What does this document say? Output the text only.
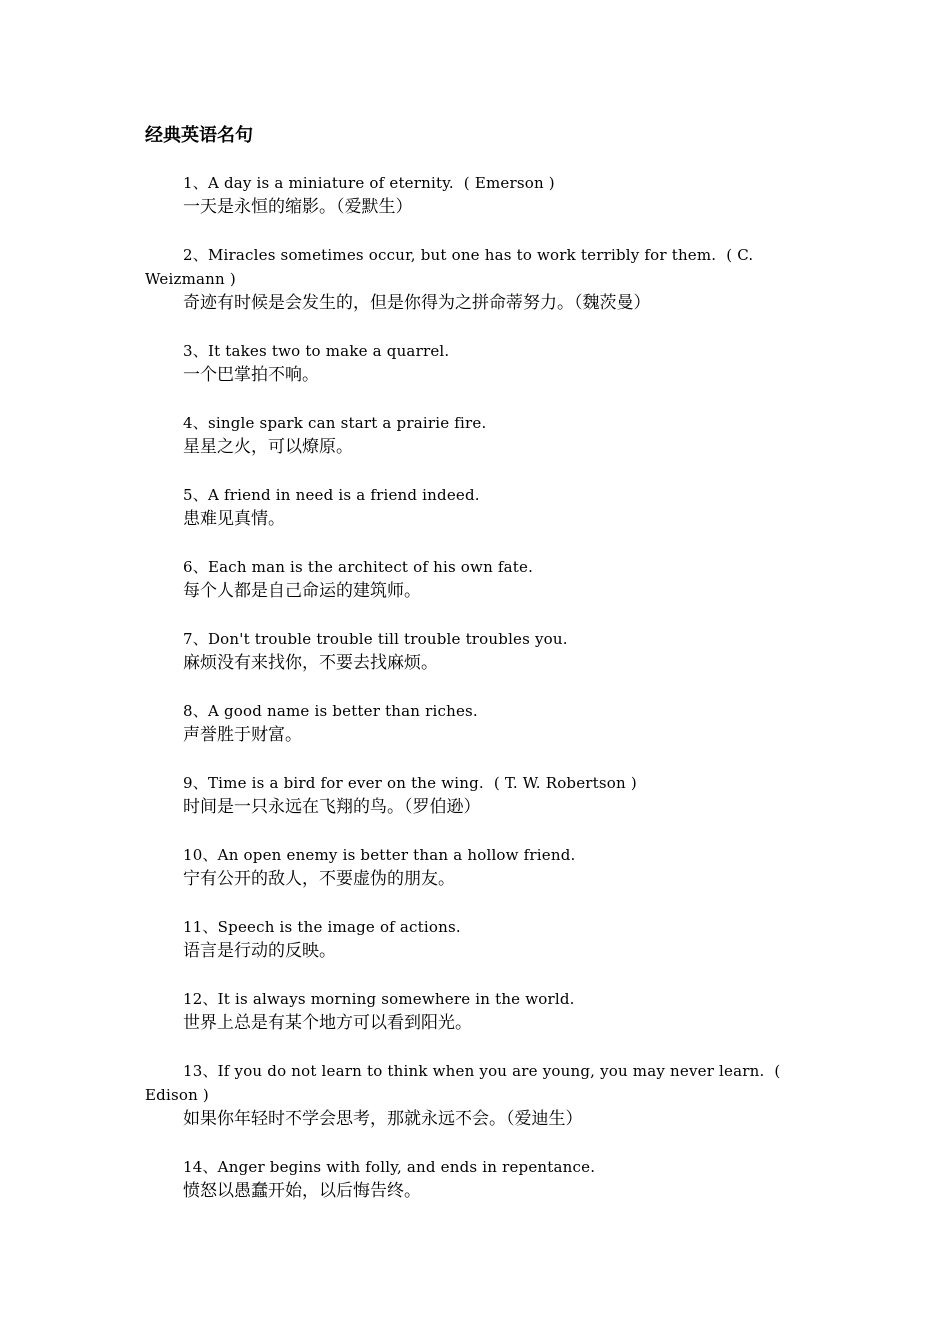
经典英语名句

1、A day is a miniature of eternity.  ( Emerson )

一天是永恒的缩影。（爱默生）

2、Miracles sometimes occur, but one has to work terribly for them.  ( C. Weizmann )

奇迹有时候是会发生的，但是你得为之拼命蒂努力。（魏茨曼）

3、It takes two to make a quarrel.

一个巴掌拍不响。

4、single spark can start a prairie fire.

星星之火，可以燎原。

5、A friend in need is a friend indeed.

患难见真情。

6、Each man is the architect of his own fate.

每个人都是自己命运的建筑师。

7、Don't trouble trouble till trouble troubles you.

麻烦没有来找你，不要去找麻烦。

8、A good name is better than riches.

声誉胜于财富。

9、Time is a bird for ever on the wing.  ( T. W. Robertson )

时间是一只永远在飞翔的鸟。（罗伯逊）

10、An open enemy is better than a hollow friend.

宁有公开的敌人，不要虚伪的朋友。

11、Speech is the image of actions.

语言是行动的反映。

12、It is always morning somewhere in the world.

世界上总是有某个地方可以看到阳光。

13、If you do not learn to think when you are young, you may never learn.  ( Edison )

如果你年轻时不学会思考，那就永远不会。（爱迪生）

14、Anger begins with folly, and ends in repentance.

愤怒以愚蠢开始，以后悔告终。
